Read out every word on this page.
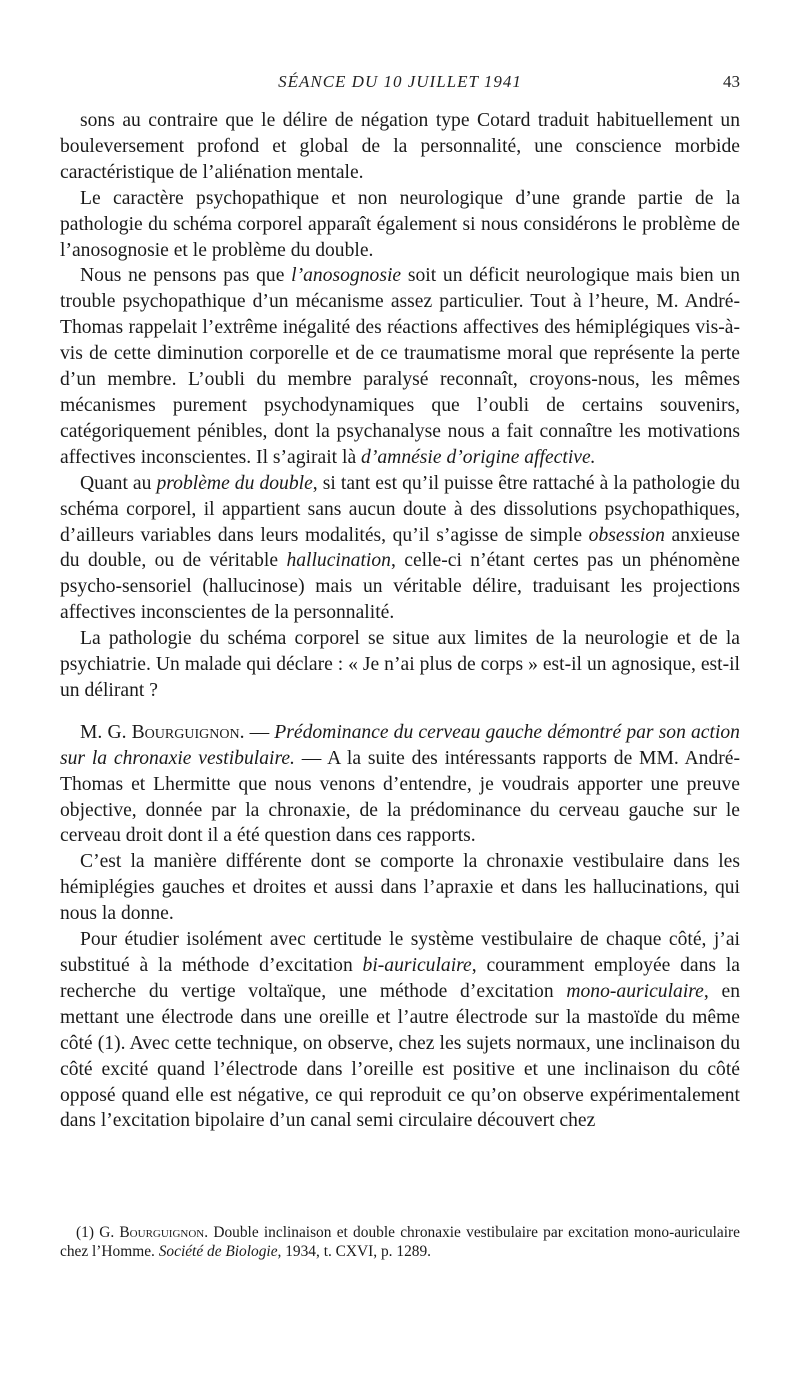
SÉANCE DU 10 JUILLET 1941	43

sons au contraire que le délire de négation type Cotard traduit habituellement un bouleversement profond et global de la personnalité, une conscience morbide caractéristique de l’aliénation mentale.

Le caractère psychopathique et non neurologique d’une grande partie de la pathologie du schéma corporel apparaît également si nous considérons le problème de l’anosognosie et le problème du double.

Nous ne pensons pas que l’anosognosie soit un déficit neurologique mais bien un trouble psychopathique d’un mécanisme assez particulier. Tout à l’heure, M. André-Thomas rappelait l’extrême inégalité des réactions affectives des hémiplégiques vis-à-vis de cette diminution corporelle et de ce traumatisme moral que représente la perte d’un membre. L’oubli du membre paralysé reconnaît, croyons-nous, les mêmes mécanismes purement psychodynamiques que l’oubli de certains souvenirs, catégoriquement pénibles, dont la psychanalyse nous a fait connaître les motivations affectives inconscientes. Il s’agirait là d’amnésie d’origine affective.

Quant au problème du double, si tant est qu’il puisse être rattaché à la pathologie du schéma corporel, il appartient sans aucun doute à des dissolutions psychopathiques, d’ailleurs variables dans leurs modalités, qu’il s’agisse de simple obsession anxieuse du double, ou de véritable hallucination, celle-ci n’étant certes pas un phénomène psycho-sensoriel (hallucinose) mais un véritable délire, traduisant les projections affectives inconscientes de la personnalité.

La pathologie du schéma corporel se situe aux limites de la neurologie et de la psychiatrie. Un malade qui déclare : « Je n’ai plus de corps » est-il un agnosique, est-il un délirant ?

M. G. Bourguignon. — Prédominance du cerveau gauche démontré par son action sur la chronaxie vestibulaire. — A la suite des intéressants rapports de MM. André-Thomas et Lhermitte que nous venons d’entendre, je voudrais apporter une preuve objective, donnée par la chronaxie, de la prédominance du cerveau gauche sur le cerveau droit dont il a été question dans ces rapports.

C’est la manière différente dont se comporte la chronaxie vestibulaire dans les hémiplégies gauches et droites et aussi dans l’apraxie et dans les hallucinations, qui nous la donne.

Pour étudier isolément avec certitude le système vestibulaire de chaque côté, j’ai substitué à la méthode d’excitation bi-auriculaire, couramment employée dans la recherche du vertige voltaïque, une méthode d’excitation mono-auriculaire, en mettant une électrode dans une oreille et l’autre électrode sur la mastoïde du même côté (1). Avec cette technique, on observe, chez les sujets normaux, une inclinaison du côté excité quand l’électrode dans l’oreille est positive et une inclinaison du côté opposé quand elle est négative, ce qui reproduit ce qu’on observe expérimentalement dans l’excitation bipolaire d’un canal semi circulaire découvert chez

(1) G. Bourguignon. Double inclinaison et double chronaxie vestibulaire par excitation mono-auriculaire chez l’Homme. Société de Biologie, 1934, t. CXVI, p. 1289.
